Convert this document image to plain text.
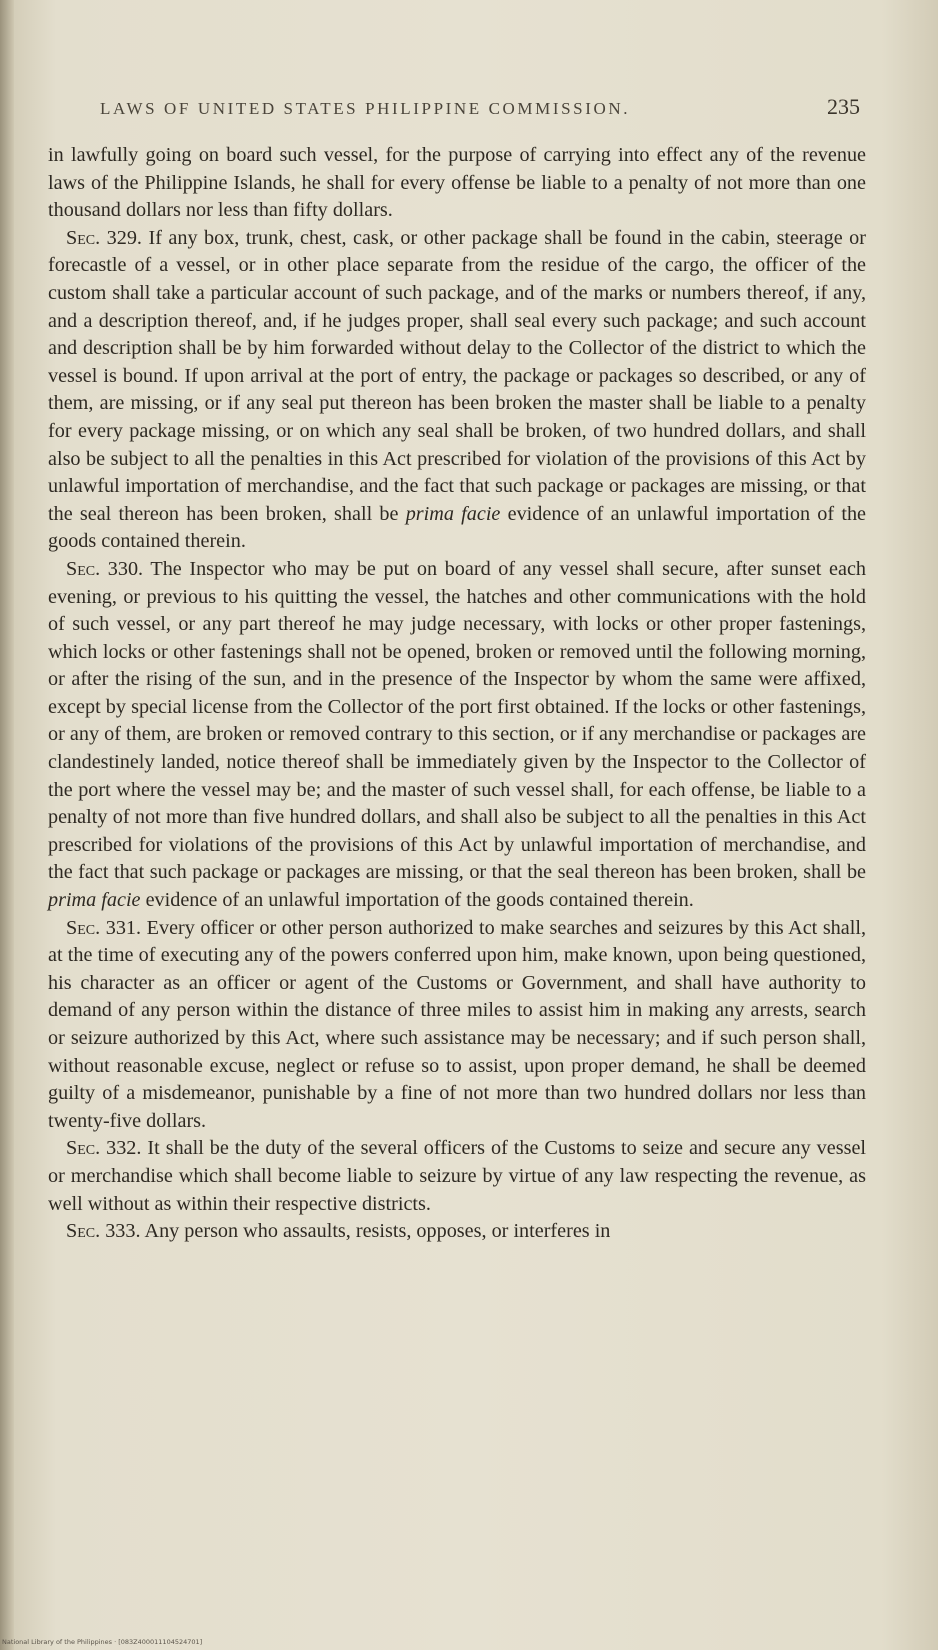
LAWS OF UNITED STATES PHILIPPINE COMMISSION.	235

in lawfully going on board such vessel, for the purpose of carrying into effect any of the revenue laws of the Philippine Islands, he shall for every offense be liable to a penalty of not more than one thousand dollars nor less than fifty dollars.

Sec. 329. If any box, trunk, chest, cask, or other package shall be found in the cabin, steerage or forecastle of a vessel, or in other place separate from the residue of the cargo, the officer of the custom shall take a particular account of such package, and of the marks or numbers thereof, if any, and a description thereof, and, if he judges proper, shall seal every such package; and such account and description shall be by him forwarded without delay to the Collector of the district to which the vessel is bound. If upon arrival at the port of entry, the package or packages so described, or any of them, are missing, or if any seal put thereon has been broken the master shall be liable to a penalty for every package missing, or on which any seal shall be broken, of two hundred dollars, and shall also be subject to all the penalties in this Act prescribed for violation of the provisions of this Act by unlawful importation of merchandise, and the fact that such package or packages are missing, or that the seal thereon has been broken, shall be prima facie evidence of an unlawful importation of the goods contained therein.

Sec. 330. The Inspector who may be put on board of any vessel shall secure, after sunset each evening, or previous to his quitting the vessel, the hatches and other communications with the hold of such vessel, or any part thereof he may judge necessary, with locks or other proper fastenings, which locks or other fastenings shall not be opened, broken or removed until the following morning, or after the rising of the sun, and in the presence of the Inspector by whom the same were affixed, except by special license from the Collector of the port first obtained. If the locks or other fastenings, or any of them, are broken or removed contrary to this section, or if any merchandise or packages are clandestinely landed, notice thereof shall be immediately given by the Inspector to the Collector of the port where the vessel may be; and the master of such vessel shall, for each offense, be liable to a penalty of not more than five hundred dollars, and shall also be subject to all the penalties in this Act prescribed for violations of the provisions of this Act by unlawful importation of merchandise, and the fact that such package or packages are missing, or that the seal thereon has been broken, shall be prima facie evidence of an unlawful importation of the goods contained therein.

Sec. 331. Every officer or other person authorized to make searches and seizures by this Act shall, at the time of executing any of the powers conferred upon him, make known, upon being questioned, his character as an officer or agent of the Customs or Government, and shall have authority to demand of any person within the distance of three miles to assist him in making any arrests, search or seizure authorized by this Act, where such assistance may be necessary; and if such person shall, without reasonable excuse, neglect or refuse so to assist, upon proper demand, he shall be deemed guilty of a misdemeanor, punishable by a fine of not more than two hundred dollars nor less than twenty-five dollars.

Sec. 332. It shall be the duty of the several officers of the Customs to seize and secure any vessel or merchandise which shall become liable to seizure by virtue of any law respecting the revenue, as well without as within their respective districts.

Sec. 333. Any person who assaults, resists, opposes, or interferes in

National Library of the Philippines · [083Z400011104524701]
